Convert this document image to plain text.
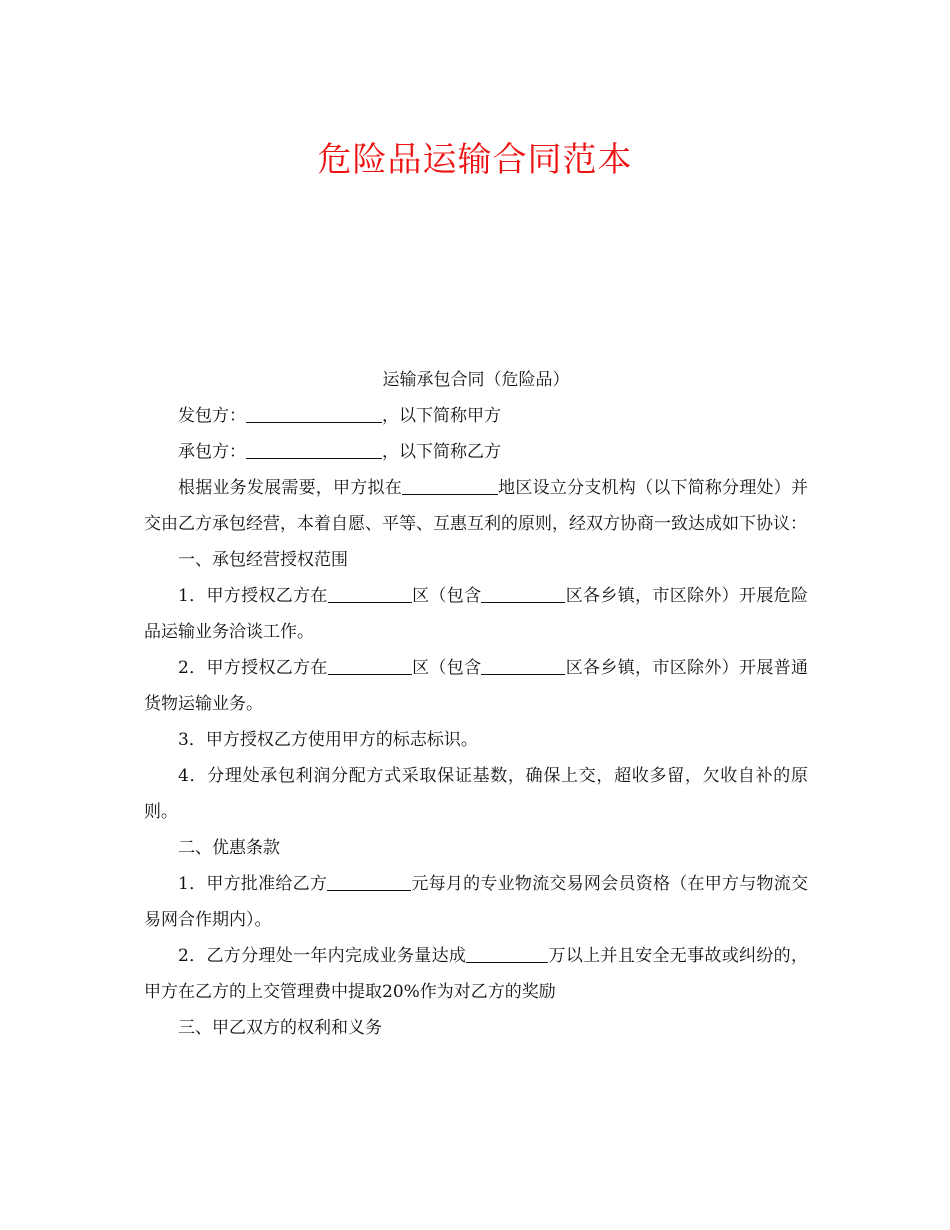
危险品运输合同范本

运输承包合同（危险品）

发包方：	，以下简称甲方

承包方：	，以下简称乙方

根据业务发展需要，甲方拟在	地区设立分支机构（以下简称分理处）并交由乙方承包经营，本着自愿、平等、互惠互利的原则，经双方协商一致达成如下协议：

一、承包经营授权范围

1．甲方授权乙方在	区（包含	区各乡镇，市区除外）开展危险品运输业务洽谈工作。

2．甲方授权乙方在	区（包含	区各乡镇，市区除外）开展普通货物运输业务。

3．甲方授权乙方使用甲方的标志标识。

4．分理处承包利润分配方式采取保证基数，确保上交，超收多留，欠收自补的原则。

二、优惠条款

1．甲方批准给乙方	元每月的专业物流交易网会员资格（在甲方与物流交易网合作期内）。

2．乙方分理处一年内完成业务量达成	万以上并且安全无事故或纠纷的，甲方在乙方的上交管理费中提取20%作为对乙方的奖励

三、甲乙双方的权利和义务
